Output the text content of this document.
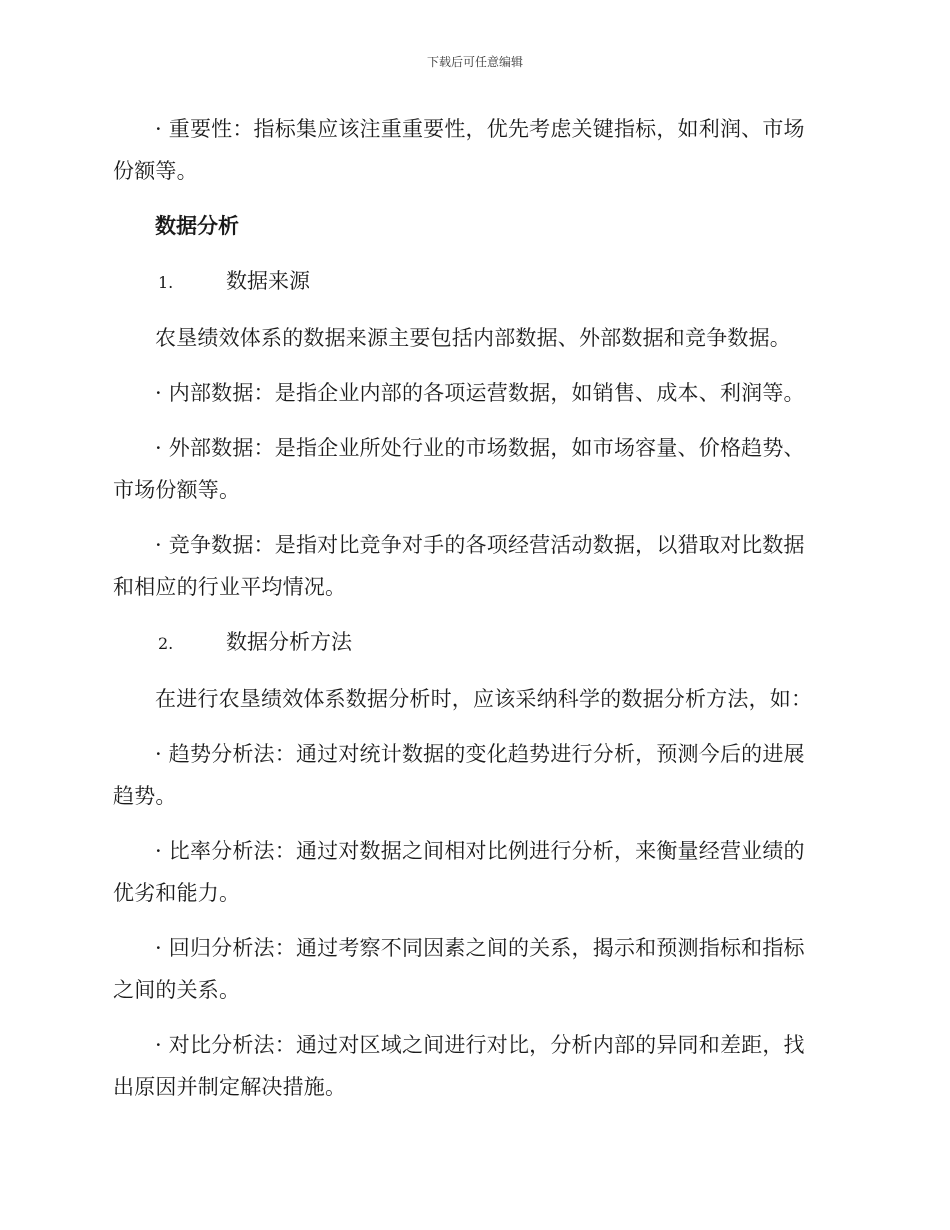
下载后可任意编辑

· 重要性：指标集应该注重重要性，优先考虑关键指标，如利润、市场份额等。

数据分析
1.	数据来源

农垦绩效体系的数据来源主要包括内部数据、外部数据和竞争数据。

· 内部数据：是指企业内部的各项运营数据，如销售、成本、利润等。

· 外部数据：是指企业所处行业的市场数据，如市场容量、价格趋势、市场份额等。

· 竞争数据：是指对比竞争对手的各项经营活动数据，以猎取对比数据和相应的行业平均情况。

2.	数据分析方法

在进行农垦绩效体系数据分析时，应该采纳科学的数据分析方法，如：

· 趋势分析法：通过对统计数据的变化趋势进行分析，预测今后的进展趋势。

· 比率分析法：通过对数据之间相对比例进行分析，来衡量经营业绩的优劣和能力。

· 回归分析法：通过考察不同因素之间的关系，揭示和预测指标和指标之间的关系。

· 对比分析法：通过对区域之间进行对比，分析内部的异同和差距，找出原因并制定解决措施。
